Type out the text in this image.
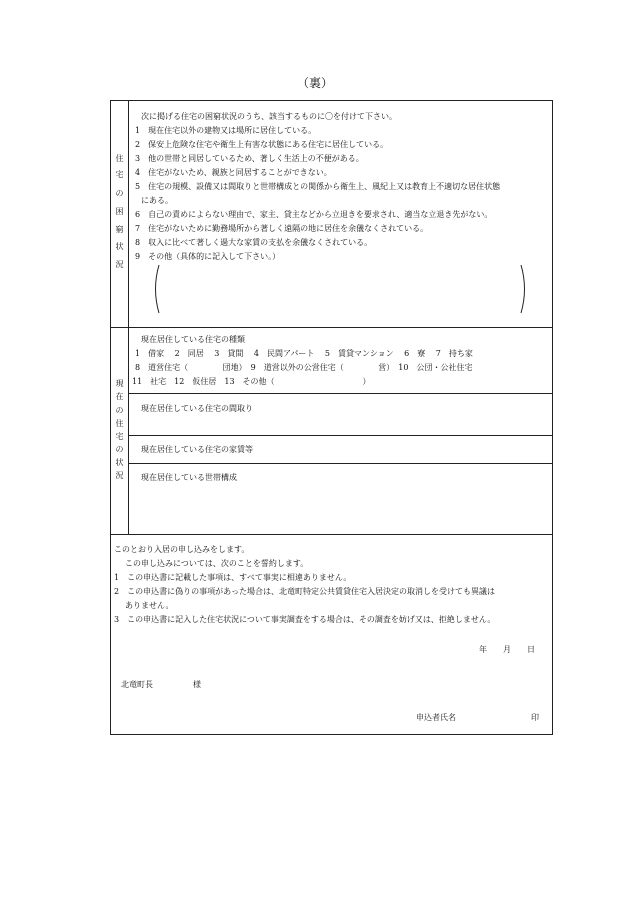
（裏）
住
宅
の
困
窮
状
況
次に掲げる住宅の困窮状況のうち、該当するものに〇を付けて下さい。
1　現在住宅以外の建物又は場所に居住している。
2　保安上危険な住宅や衛生上有害な状態にある住宅に居住している。
3　他の世帯と同居しているため、著しく生活上の不便がある。
4　住宅がないため、親族と同居することができない。
5　住宅の規模、設備又は間取りと世帯構成との関係から衛生上、風紀上又は教育上不適切な居住状態
にある。
6　自己の責めによらない理由で、家主、貸主などから立退きを要求され、適当な立退き先がない。
7　住宅がないために勤務場所から著しく遠隔の地に居住を余儀なくされている。
8　収入に比べて著しく過大な家賃の支払を余儀なくされている。
9　その他（具体的に記入して下さい。）
現
在
の
住
宅
の
状
況
現在居住している住宅の種類
1　借家　 2　同居　 3　貸間　 4　民間アパート　 5　賃貸マンション　 6　寮　 7　持ち家
8　道営住宅（　　　　 団地）　9　道営以外の公営住宅（　　　　 営）　10　公団・公社住宅
11　社宅　12　仮住居　13　その他（　　　　　　　　　　　）
現在居住している住宅の間取り
現在居住している住宅の家賃等
現在居住している世帯構成
このとおり入居の申し込みをします。
この申し込みについては、次のことを誓約します。
1　この申込書に記載した事項は、すべて事実に相違ありません。
2　この申込書に偽りの事項があった場合は、北竜町特定公共賃貸住宅入居決定の取消しを受けても異議は
ありません。
3　この申込書に記入した住宅状況について事実調査をする場合は、その調査を妨げ又は、拒絶しません。
年　　月　　日
北竜町長　　　　　様
申込者氏名	印
